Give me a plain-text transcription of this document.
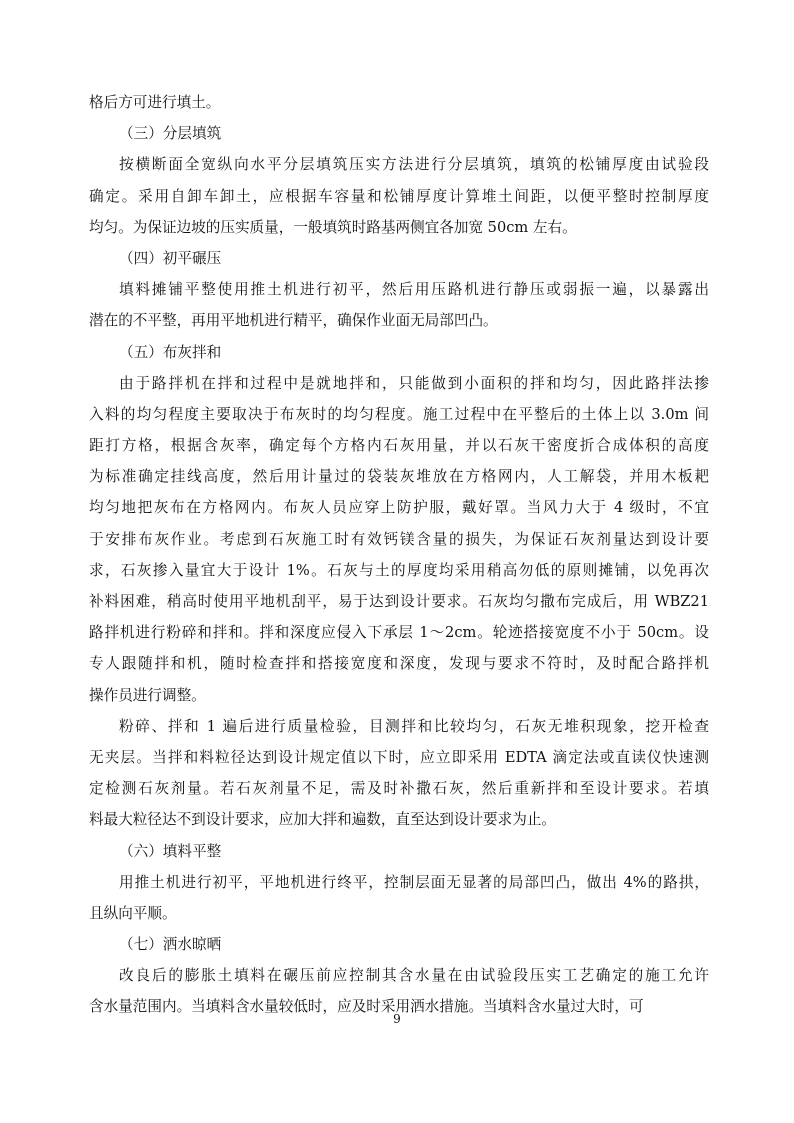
格后方可进行填土。
（三）分层填筑
按横断面全宽纵向水平分层填筑压实方法进行分层填筑，填筑的松铺厚度由试验段
确定。采用自卸车卸土，应根据车容量和松铺厚度计算堆土间距，以便平整时控制厚度
均匀。为保证边坡的压实质量，一般填筑时路基两侧宜各加宽 50cm 左右。
（四）初平碾压
填料摊铺平整使用推土机进行初平，然后用压路机进行静压或弱振一遍，以暴露出
潜在的不平整，再用平地机进行精平，确保作业面无局部凹凸。
（五）布灰拌和
由于路拌机在拌和过程中是就地拌和，只能做到小面积的拌和均匀，因此路拌法掺
入料的均匀程度主要取决于布灰时的均匀程度。施工过程中在平整后的土体上以 3.0m 间
距打方格，根据含灰率，确定每个方格内石灰用量，并以石灰干密度折合成体积的高度
为标准确定挂线高度，然后用计量过的袋装灰堆放在方格网内，人工解袋，并用木板耙
均匀地把灰布在方格网内。布灰人员应穿上防护服，戴好罩。当风力大于 4 级时，不宜
于安排布灰作业。考虑到石灰施工时有效钙镁含量的损失，为保证石灰剂量达到设计要
求，石灰掺入量宜大于设计 1%。石灰与土的厚度均采用稍高勿低的原则摊铺，以免再次
补料困难，稍高时使用平地机刮平，易于达到设计要求。石灰均匀撒布完成后，用 WBZ21
路拌机进行粉碎和拌和。拌和深度应侵入下承层 1～2cm。轮迹搭接宽度不小于 50cm。设
专人跟随拌和机，随时检查拌和搭接宽度和深度，发现与要求不符时，及时配合路拌机
操作员进行调整。
粉碎、拌和 1 遍后进行质量检验，目测拌和比较均匀，石灰无堆积现象，挖开检查
无夹层。当拌和料粒径达到设计规定值以下时，应立即采用 EDTA 滴定法或直读仪快速测
定检测石灰剂量。若石灰剂量不足，需及时补撒石灰，然后重新拌和至设计要求。若填
料最大粒径达不到设计要求，应加大拌和遍数，直至达到设计要求为止。
（六）填料平整
用推土机进行初平，平地机进行终平，控制层面无显著的局部凹凸，做出 4%的路拱，
且纵向平顺。
（七）洒水晾晒
改良后的膨胀土填料在碾压前应控制其含水量在由试验段压实工艺确定的施工允许
含水量范围内。当填料含水量较低时，应及时采用洒水措施。当填料含水量过大时，可
9
